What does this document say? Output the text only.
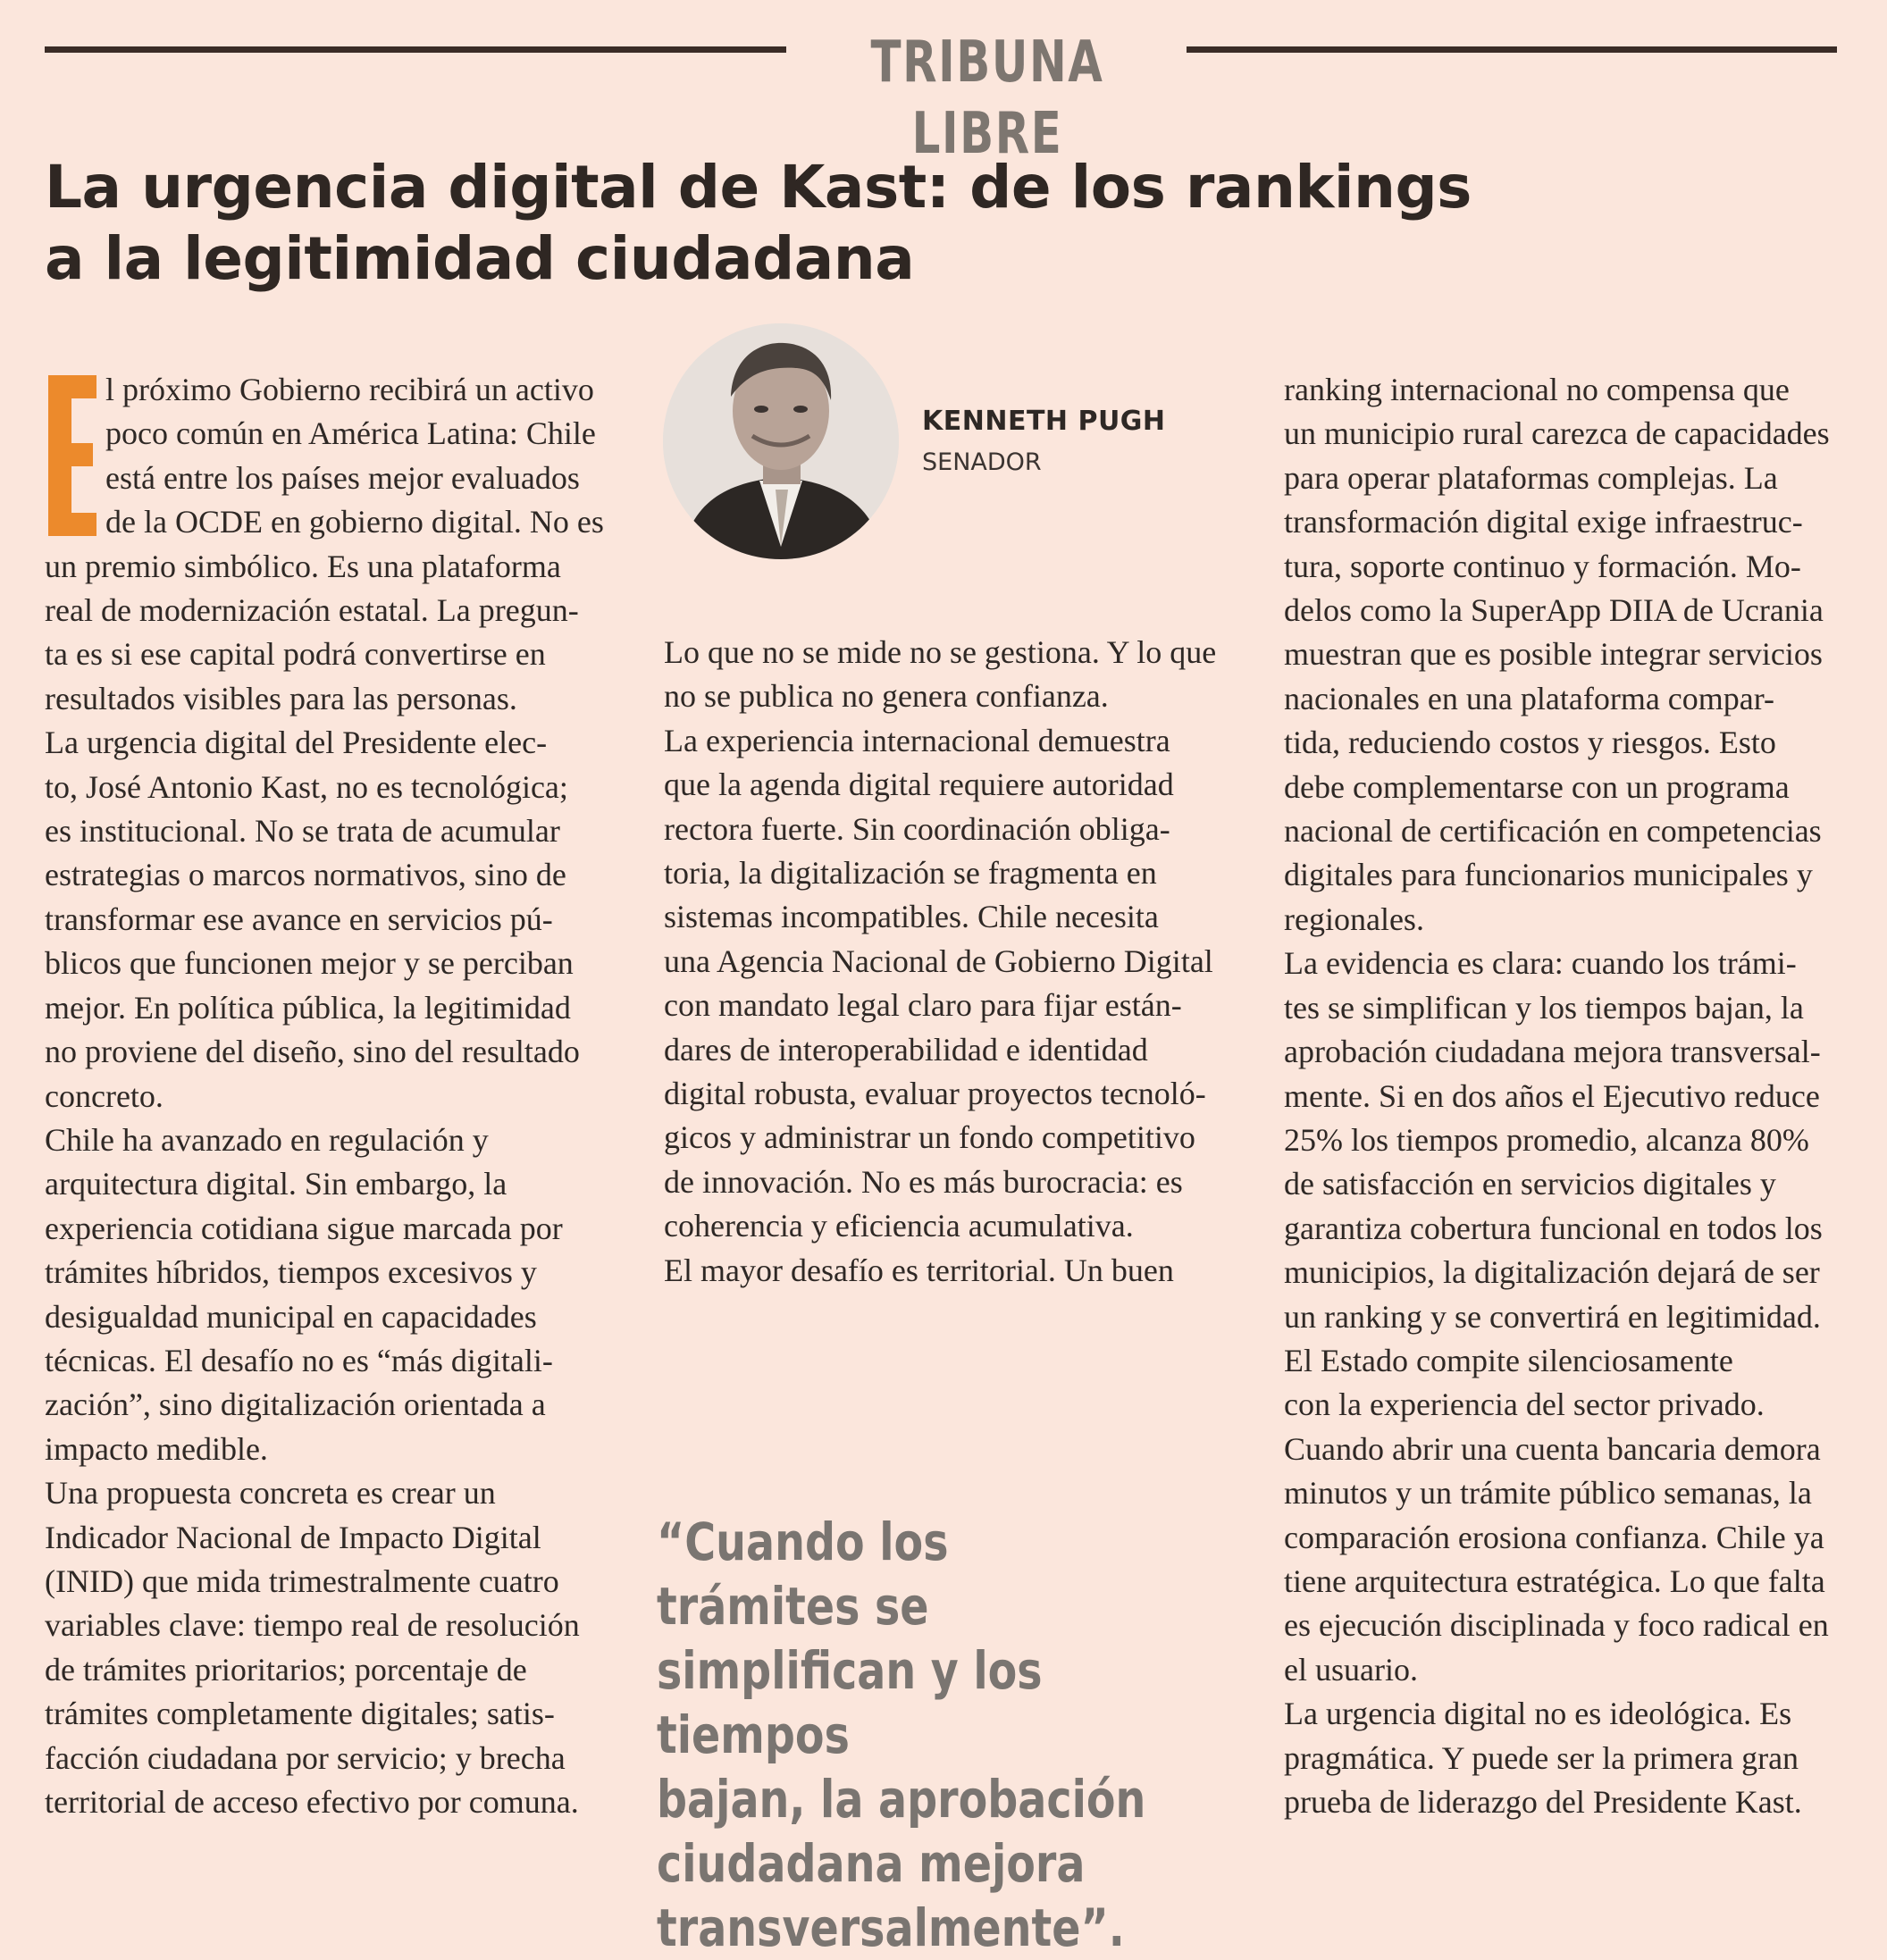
TRIBUNA LIBRE
La urgencia digital de Kast: de los rankings
a la legitimidad ciudadana

l próximo Gobierno recibirá un activo
poco común en América Latina: Chile
está entre los países mejor evaluados
de la OCDE en gobierno digital. No es
un premio simbólico. Es una plataforma
real de modernización estatal. La pregun-
ta es si ese capital podrá convertirse en
resultados visibles para las personas.

La urgencia digital del Presidente elec-
to, José Antonio Kast, no es tecnológica;
es institucional. No se trata de acumular
estrategias o marcos normativos, sino de
transformar ese avance en servicios pú-
blicos que funcionen mejor y se perciban
mejor. En política pública, la legitimidad
no proviene del diseño, sino del resultado
concreto.

Chile ha avanzado en regulación y
arquitectura digital. Sin embargo, la
experiencia cotidiana sigue marcada por
trámites híbridos, tiempos excesivos y
desigualdad municipal en capacidades
técnicas. El desafío no es “más digitali-
zación”, sino digitalización orientada a
impacto medible.

Una propuesta concreta es crear un
Indicador Nacional de Impacto Digital
(INID) que mida trimestralmente cuatro
variables clave: tiempo real de resolución
de trámites prioritarios; porcentaje de
trámites completamente digitales; satis-
facción ciudadana por servicio; y brecha
territorial de acceso efectivo por comuna.

KENNETH PUGH
SENADOR

Lo que no se mide no se gestiona. Y lo que
no se publica no genera confianza.

La experiencia internacional demuestra
que la agenda digital requiere autoridad
rectora fuerte. Sin coordinación obliga-
toria, la digitalización se fragmenta en
sistemas incompatibles. Chile necesita
una Agencia Nacional de Gobierno Digital
con mandato legal claro para fijar están-
dares de interoperabilidad e identidad
digital robusta, evaluar proyectos tecnoló-
gicos y administrar un fondo competitivo
de innovación. No es más burocracia: es
coherencia y eficiencia acumulativa.

El mayor desafío es territorial. Un buen

“Cuando los trámites se
simplifican y los tiempos
bajan, la aprobación
ciudadana mejora
transversalmente”.

ranking internacional no compensa que
un municipio rural carezca de capacidades
para operar plataformas complejas. La
transformación digital exige infraestruc-
tura, soporte continuo y formación. Mo-
delos como la SuperApp DIIA de Ucrania
muestran que es posible integrar servicios
nacionales en una plataforma compar-
tida, reduciendo costos y riesgos. Esto
debe complementarse con un programa
nacional de certificación en competencias
digitales para funcionarios municipales y
regionales.

La evidencia es clara: cuando los trámi-
tes se simplifican y los tiempos bajan, la
aprobación ciudadana mejora transversal-
mente. Si en dos años el Ejecutivo reduce
25% los tiempos promedio, alcanza 80%
de satisfacción en servicios digitales y
garantiza cobertura funcional en todos los
municipios, la digitalización dejará de ser
un ranking y se convertirá en legitimidad.

El Estado compite silenciosamente
con la experiencia del sector privado.
Cuando abrir una cuenta bancaria demora
minutos y un trámite público semanas, la
comparación erosiona confianza. Chile ya
tiene arquitectura estratégica. Lo que falta
es ejecución disciplinada y foco radical en
el usuario.

La urgencia digital no es ideológica. Es
pragmática. Y puede ser la primera gran
prueba de liderazgo del Presidente Kast.
